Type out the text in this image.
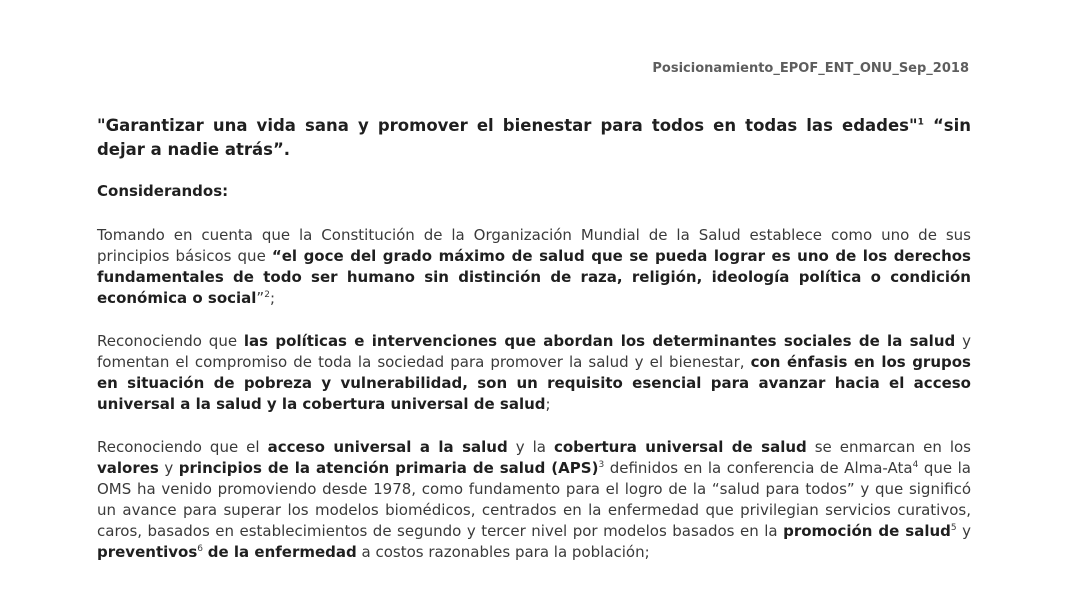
Posicionamiento_EPOF_ENT_ONU_Sep_2018
"Garantizar una vida sana y promover el bienestar para todos en todas las edades"$^1$ “sin dejar a nadie atrás”.
Considerandos:
Tomando en cuenta que la Constitución de la Organización Mundial de la Salud establece como uno de sus principios básicos que “el goce del grado máximo de salud que se pueda lograr es uno de los derechos fundamentales de todo ser humano sin distinción de raza, religión, ideología política o condición económica o social”$^2$;
Reconociendo que las políticas e intervenciones que abordan los determinantes sociales de la salud y fomentan el compromiso de toda la sociedad para promover la salud y el bienestar, con énfasis en los grupos en situación de pobreza y vulnerabilidad, son un requisito esencial para avanzar hacia el acceso universal a la salud y la cobertura universal de salud;
Reconociendo que el acceso universal a la salud y la cobertura universal de salud se enmarcan en los valores y principios de la atención primaria de salud (APS)$^3$ definidos en la conferencia de Alma-Ata$^4$ que la OMS ha venido promoviendo desde 1978, como fundamento para el logro de la “salud para todos” y que significó un avance para superar los modelos biomédicos, centrados en la enfermedad que privilegian servicios curativos, caros, basados en establecimientos de segundo y tercer nivel por modelos basados en la promoción de salud$^5$ y preventivos$^6$ de la enfermedad a costos razonables para la población;
